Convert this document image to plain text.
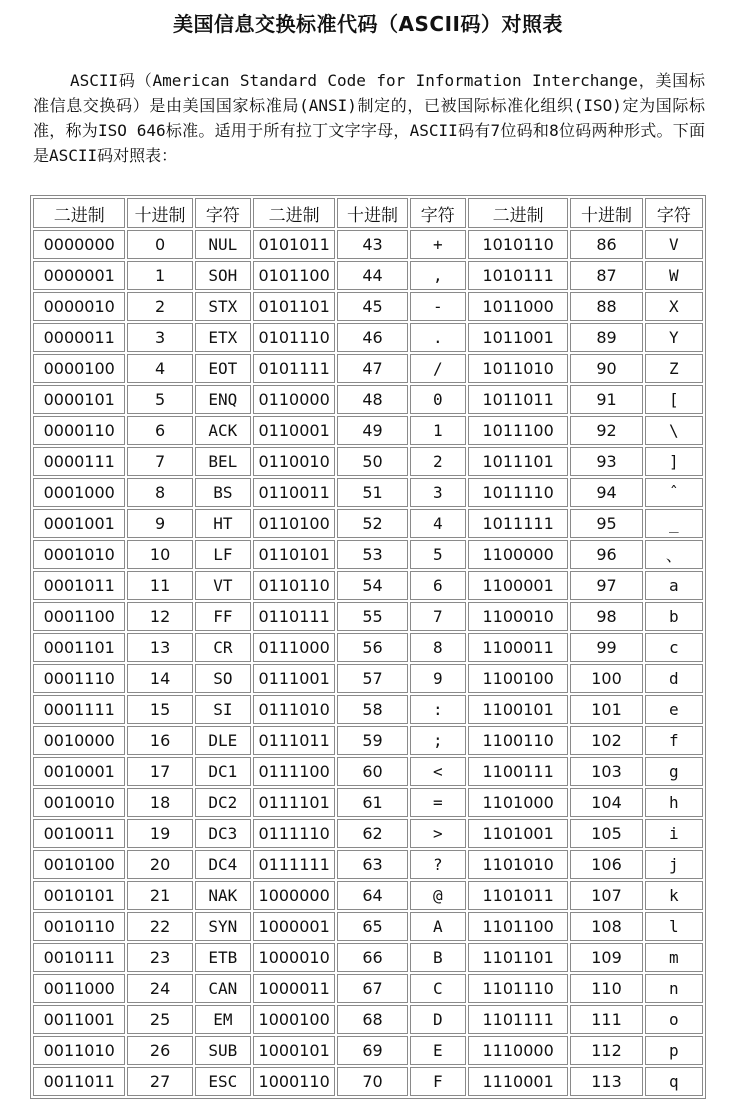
美国信息交换标准代码（ASCII码）对照表

ASCII码（American Standard Code for Information Interchange，美国标准信息交换码）是由美国国家标准局(ANSI)制定的，已被国际标准化组织(ISO)定为国际标准，称为ISO 646标准。适用于所有拉丁文字字母，ASCII码有7位码和8位码两种形式。下面是ASCII码对照表：

二进制	十进制	字符	二进制	十进制	字符	二进制	十进制	字符
0000000	0	NUL	0101011	43	+	1010110	86	V
0000001	1	SOH	0101100	44	,	1010111	87	W
0000010	2	STX	0101101	45	-	1011000	88	X
0000011	3	ETX	0101110	46	.	1011001	89	Y
0000100	4	EOT	0101111	47	/	1011010	90	Z
0000101	5	ENQ	0110000	48	0	1011011	91	[
0000110	6	ACK	0110001	49	1	1011100	92	\
0000111	7	BEL	0110010	50	2	1011101	93	]
0001000	8	BS	0110011	51	3	1011110	94	ˆ
0001001	9	HT	0110100	52	4	1011111	95	_
0001010	10	LF	0110101	53	5	1100000	96	、
0001011	11	VT	0110110	54	6	1100001	97	a
0001100	12	FF	0110111	55	7	1100010	98	b
0001101	13	CR	0111000	56	8	1100011	99	c
0001110	14	SO	0111001	57	9	1100100	100	d
0001111	15	SI	0111010	58	:	1100101	101	e
0010000	16	DLE	0111011	59	;	1100110	102	f
0010001	17	DC1	0111100	60	<	1100111	103	g
0010010	18	DC2	0111101	61	=	1101000	104	h
0010011	19	DC3	0111110	62	>	1101001	105	i
0010100	20	DC4	0111111	63	?	1101010	106	j
0010101	21	NAK	1000000	64	@	1101011	107	k
0010110	22	SYN	1000001	65	A	1101100	108	l
0010111	23	ETB	1000010	66	B	1101101	109	m
0011000	24	CAN	1000011	67	C	1101110	110	n
0011001	25	EM	1000100	68	D	1101111	111	o
0011010	26	SUB	1000101	69	E	1110000	112	p
0011011	27	ESC	1000110	70	F	1110001	113	q
